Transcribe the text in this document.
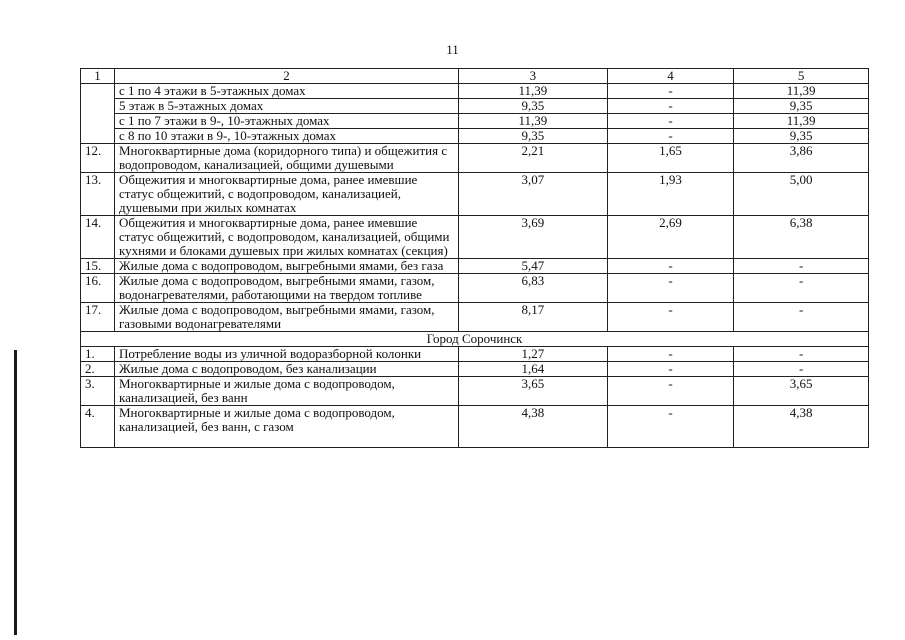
11
1	2	3	4	5
	с 1 по 4 этажи в 5-этажных домах	11,39	-	11,39
	5 этаж в 5-этажных домах	9,35	-	9,35
	с 1 по 7 этажи в 9-, 10-этажных домах	11,39	-	11,39
	с 8 по 10 этажи в 9-, 10-этажных домах	9,35	-	9,35
12.	Многоквартирные дома (коридорного типа) и общежития с водопроводом, канализацией, общими душевыми	2,21	1,65	3,86
13.	Общежития и многоквартирные дома, ранее имевшие статус общежитий, с водопроводом, канализацией, душевыми при жилых комнатах	3,07	1,93	5,00
14.	Общежития и многоквартирные дома, ранее имевшие статус общежитий, с водопроводом, канализацией, общими кухнями и блоками душевых при жилых комнатах (секция)	3,69	2,69	6,38
15.	Жилые дома с водопроводом, выгребными ямами, без газа	5,47	-	-
16.	Жилые дома с водопроводом, выгребными ямами, газом, водонагревателями, работающими на твердом топливе	6,83	-	-
17.	Жилые дома с водопроводом, выгребными ямами, газом, газовыми водонагревателями	8,17	-	-
Город Сорочинск				
1.	Потребление воды из уличной водоразборной колонки	1,27	-	-
2.	Жилые дома с водопроводом, без канализации	1,64	-	-
3.	Многоквартирные и жилые дома с водопроводом, канализацией, без ванн	3,65	-	3,65
4.	Многоквартирные и жилые дома с водопроводом, канализацией, без ванн, с газом	4,38	-	4,38
